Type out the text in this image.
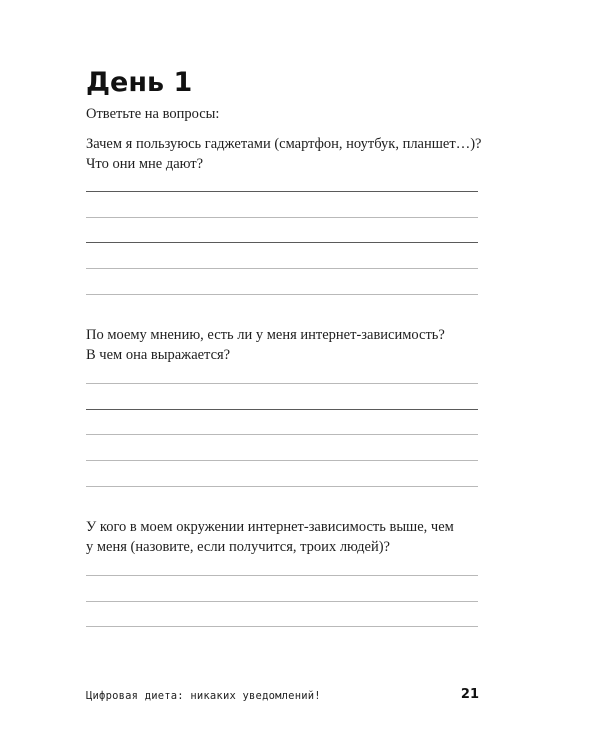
День 1

Ответьте на вопросы:

Зачем я пользуюсь гаджетами (смартфон, ноутбук, планшет…)?
Что они мне дают?
По моему мнению, есть ли у меня интернет-зависимость?
В чем она выражается?
У кого в моем окружении интернет-зависимость выше, чем
у меня (назовите, если получится, троих людей)?

Цифровая диета: никаких уведомлений!	21
